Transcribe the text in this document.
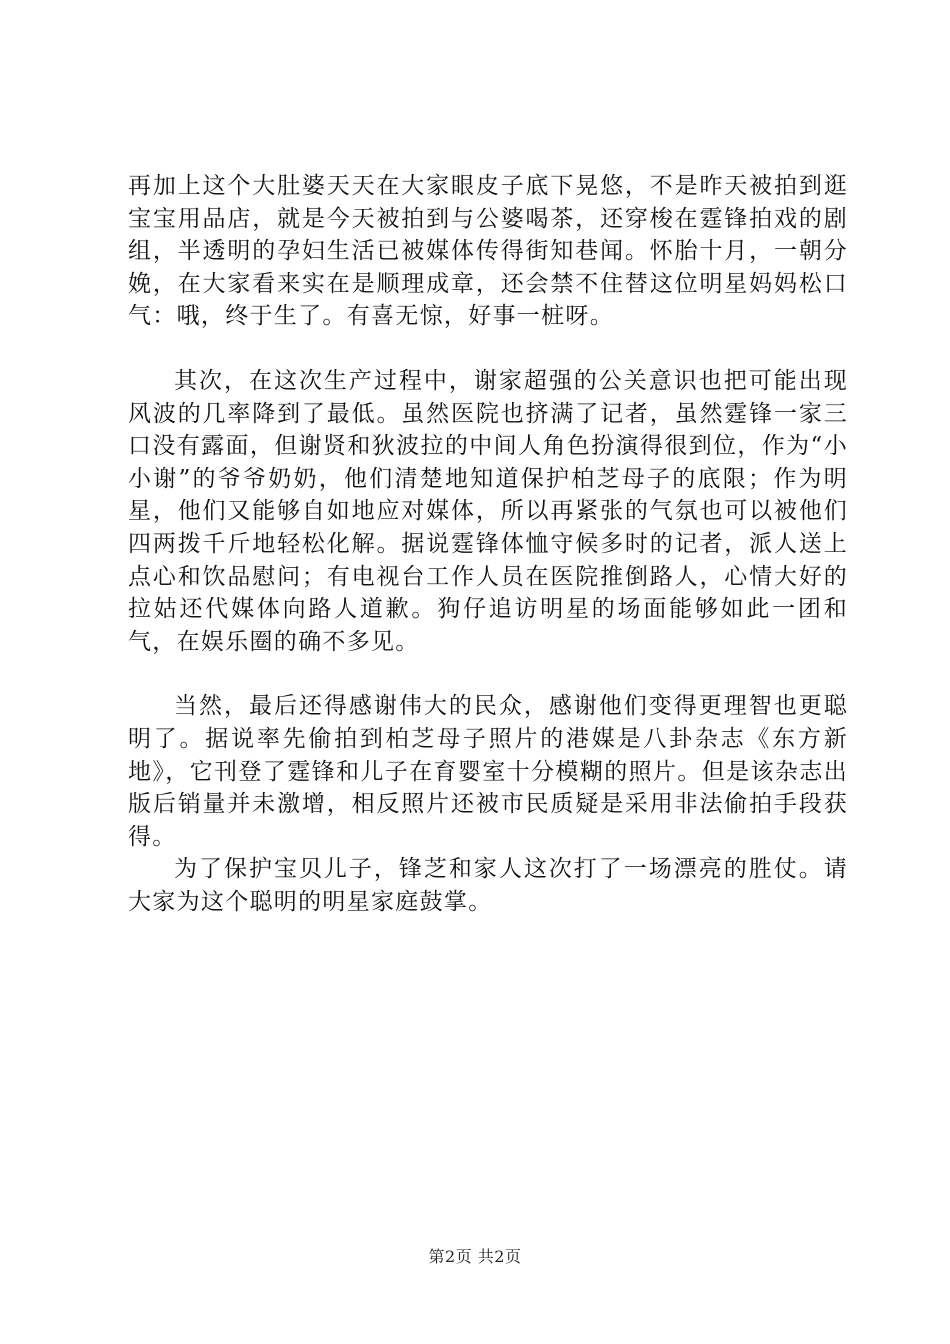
再加上这个大肚婆天天在大家眼皮子底下晃悠，不是昨天被拍到逛宝宝用品店，就是今天被拍到与公婆喝茶，还穿梭在霆锋拍戏的剧组，半透明的孕妇生活已被媒体传得街知巷闻。怀胎十月，一朝分娩，在大家看来实在是顺理成章，还会禁不住替这位明星妈妈松口气：哦，终于生了。有喜无惊，好事一桩呀。

其次，在这次生产过程中，谢家超强的公关意识也把可能出现风波的几率降到了最低。虽然医院也挤满了记者，虽然霆锋一家三口没有露面，但谢贤和狄波拉的中间人角色扮演得很到位，作为“小小谢”的爷爷奶奶，他们清楚地知道保护柏芝母子的底限；作为明星，他们又能够自如地应对媒体，所以再紧张的气氛也可以被他们四两拨千斤地轻松化解。据说霆锋体恤守候多时的记者，派人送上点心和饮品慰问；有电视台工作人员在医院推倒路人，心情大好的拉姑还代媒体向路人道歉。狗仔追访明星的场面能够如此一团和气，在娱乐圈的确不多见。

当然，最后还得感谢伟大的民众，感谢他们变得更理智也更聪明了。据说率先偷拍到柏芝母子照片的港媒是八卦杂志《东方新地》，它刊登了霆锋和儿子在育婴室十分模糊的照片。但是该杂志出版后销量并未激增，相反照片还被市民质疑是采用非法偷拍手段获得。

为了保护宝贝儿子，锋芝和家人这次打了一场漂亮的胜仗。请大家为这个聪明的明星家庭鼓掌。

第2页 共2页
